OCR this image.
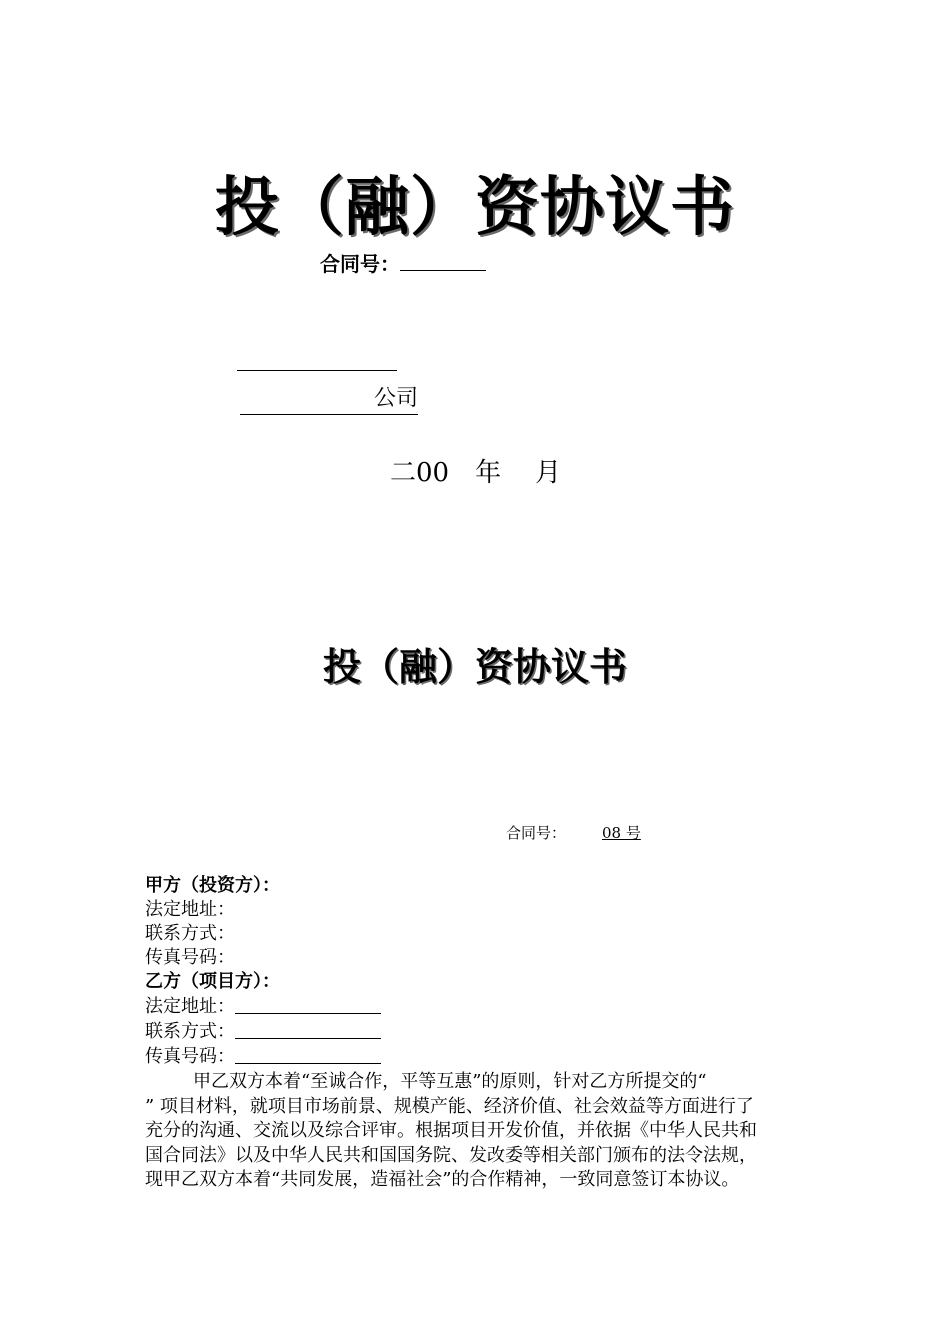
投（融）资协议书
合同号：
公司
二00 年 月
投（融）资协议书
合同号： 08 号
甲方（投资方）：
法定地址：
联系方式：
传真号码：
乙方（项目方）：
法定地址：
联系方式：
传真号码：
甲乙双方本着“至诚合作，平等互惠”的原则，针对乙方所提交的“
” 项目材料，就项目市场前景、规模产能、经济价值、社会效益等方面进行了
充分的沟通、交流以及综合评审。根据项目开发价值，并依据《中华人民共和
国合同法》以及中华人民共和国国务院、发改委等相关部门颁布的法令法规，
现甲乙双方本着“共同发展，造福社会”的合作精神，一致同意签订本协议。
